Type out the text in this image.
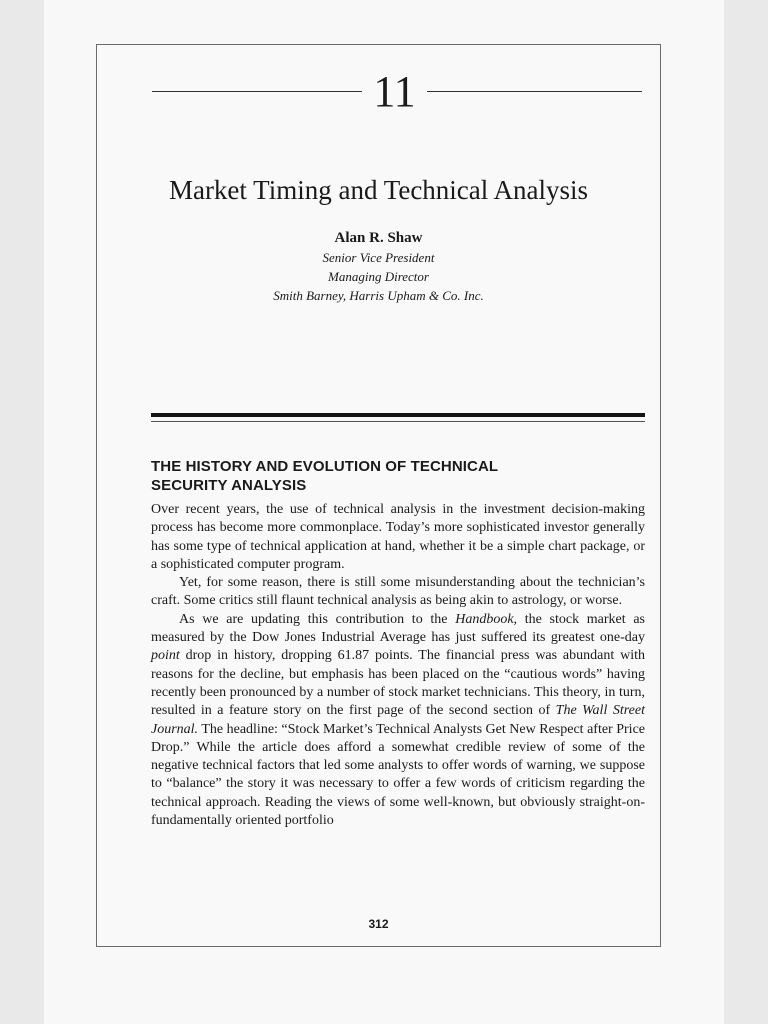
11
Market Timing and Technical Analysis
Alan R. Shaw
Senior Vice President
Managing Director
Smith Barney, Harris Upham & Co. Inc.
THE HISTORY AND EVOLUTION OF TECHNICAL
SECURITY ANALYSIS

Over recent years, the use of technical analysis in the investment decision-making process has become more commonplace. Today’s more sophisticated investor generally has some type of technical application at hand, whether it be a simple chart package, or a sophisticated computer program.

Yet, for some reason, there is still some misunderstanding about the technician’s craft. Some critics still flaunt technical analysis as being akin to astrology, or worse.

As we are updating this contribution to the Handbook, the stock market as measured by the Dow Jones Industrial Average has just suffered its greatest one-day point drop in history, dropping 61.87 points. The financial press was abundant with reasons for the decline, but emphasis has been placed on the “cautious words” having recently been pronounced by a number of stock market technicians. This theory, in turn, resulted in a feature story on the first page of the second section of The Wall Street Journal. The headline: “Stock Market’s Technical Analysts Get New Respect after Price Drop.” While the article does afford a somewhat credible review of some of the negative technical factors that led some analysts to offer words of warning, we suppose to “balance” the story it was necessary to offer a few words of criticism regarding the technical approach. Reading the views of some well-known, but obviously straight-on-fundamentally oriented portfolio

312
